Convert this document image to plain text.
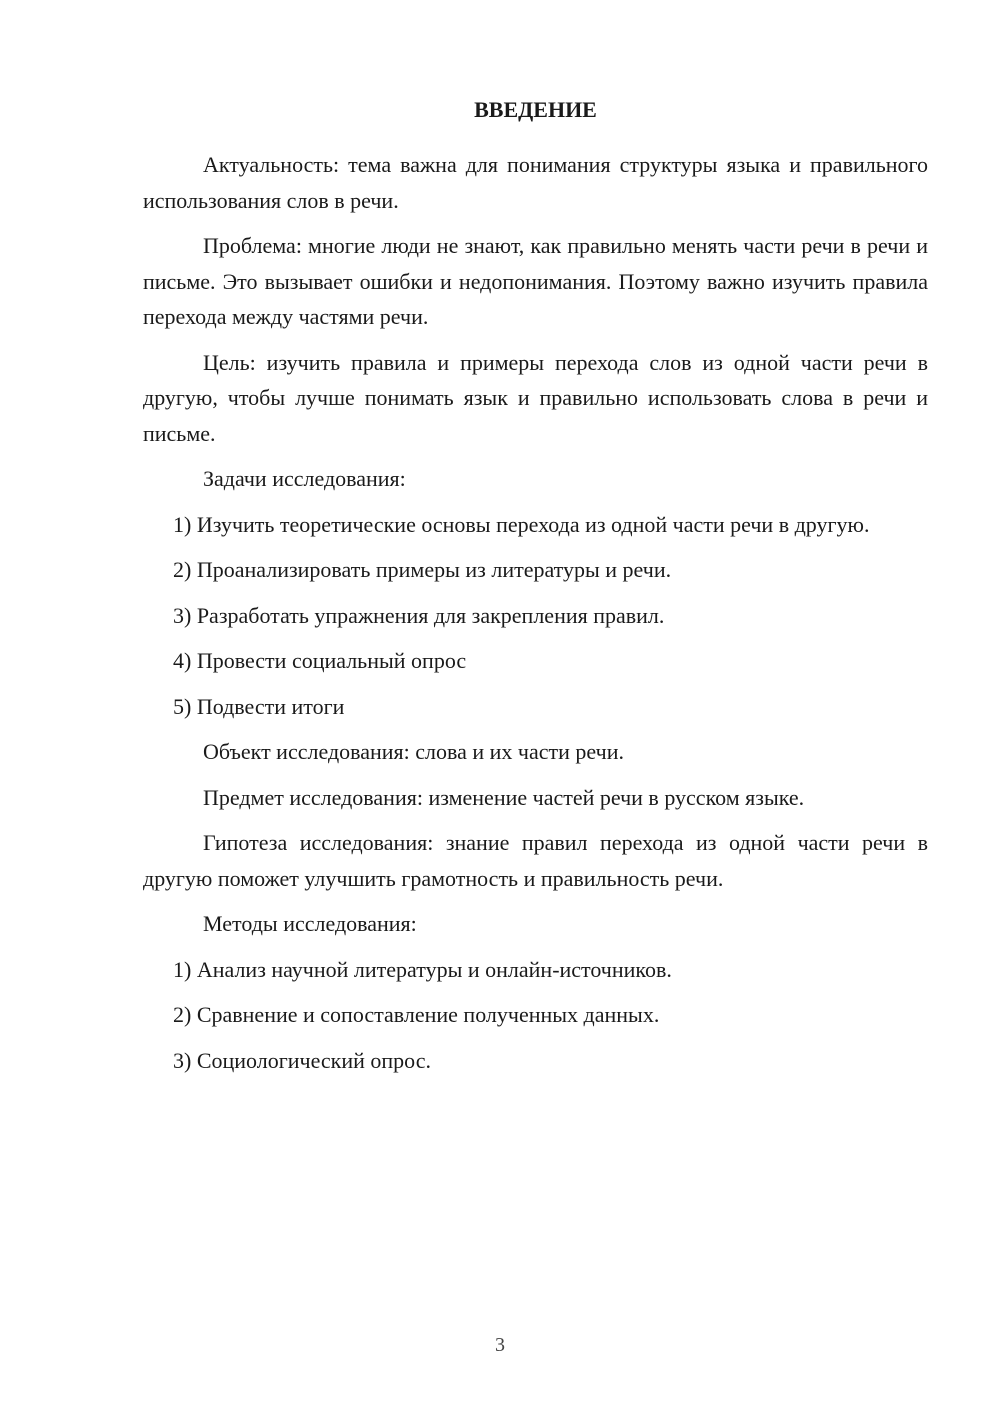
ВВЕДЕНИЕ

Актуальность: тема важна для понимания структуры языка и правильного использования слов в речи.

Проблема: многие люди не знают, как правильно менять части речи в речи и письме. Это вызывает ошибки и недопонимания. Поэтому важно изучить правила перехода между частями речи.

Цель: изучить правила и примеры перехода слов из одной части речи в другую, чтобы лучше понимать язык и правильно использовать слова в речи и письме.

Задачи исследования:

1) Изучить теоретические основы перехода из одной части речи в другую.

2) Проанализировать примеры из литературы и речи.

3) Разработать упражнения для закрепления правил.

4) Провести социальный опрос

5) Подвести итоги

Объект исследования: слова и их части речи.

Предмет исследования: изменение частей речи в русском языке.

Гипотеза исследования: знание правил перехода из одной части речи в другую поможет улучшить грамотность и правильность речи.

Методы исследования:

1) Анализ научной литературы и онлайн-источников.

2) Сравнение и сопоставление полученных данных.

3) Социологический опрос.

3
